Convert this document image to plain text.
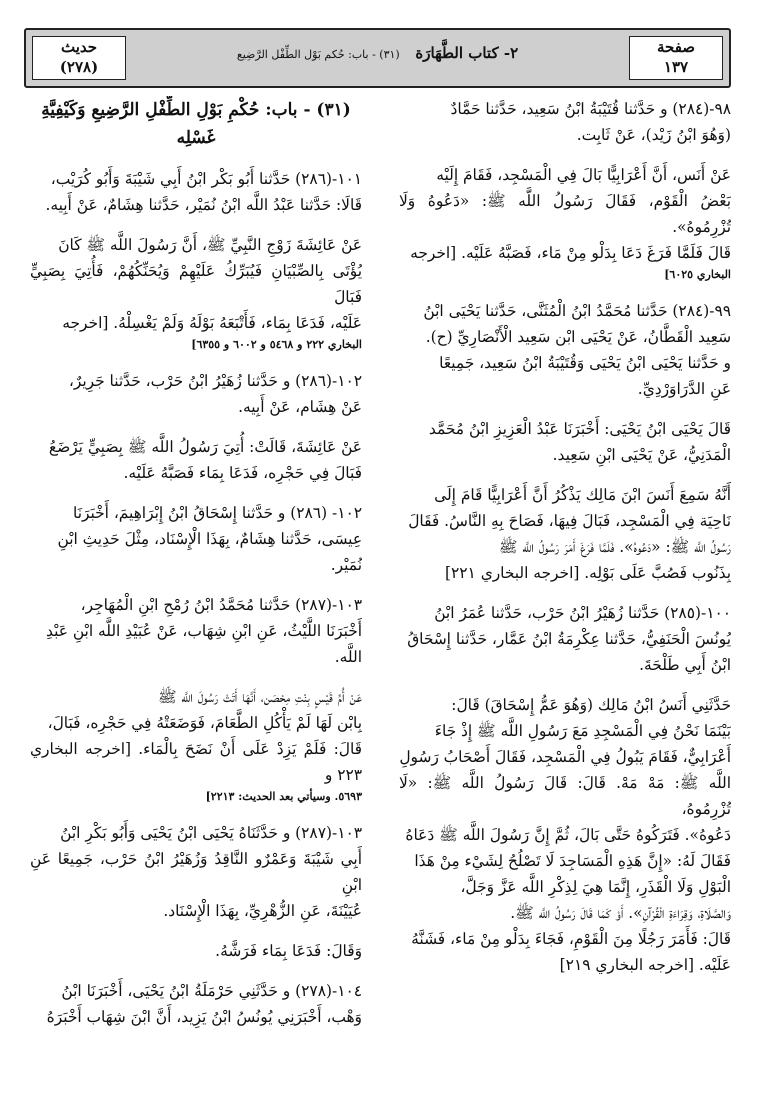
صفحة
١٣٧
٢- كتاب الطَّهَارَة   (٣١) - باب: حُكم بَوْل الطِّفْل الرَّضِيع
حديث
(٢٧٨)
٩٨-(٢٨٤) و حَدَّثنا قُتَيْبَةُ ابْنُ سَعِيد، حَدَّثنا حَمَّادٌ
(وَهُوَ ابْنُ زَيْد)، عَنْ ثَابِت.
عَنْ أَنَس، أَنَّ أَعْرَابِيًّا بَالَ فِي الْمَسْجِد، فَقَامَ إِلَيْه
بَعْضُ الْقَوْم، فَقَالَ رَسُولُ اللَّه ﷺ: «دَعُوهُ وَلَا تُزْرِمُوهُ».
قَالَ فَلَمَّا فَرَغَ دَعَا بِدَلْو مِنْ مَاء، فَصَبَّهُ عَلَيْه. [اخرجه
البخاري ٦٠٢٥]
٩٩-(٢٨٤) حَدَّثنا مُحَمَّدُ ابْنُ الْمُثَنَّى، حَدَّثنا يَحْيَى ابْنُ
سَعِيد الْقَطَّانُ، عَنْ يَحْيَى ابْن سَعِيد الْأَنْصَارِيِّ (ح).
و حَدَّثنا يَحْيَى ابْنُ يَحْيَى وَقُتَيْبَةُ ابْنُ سَعِيد، جَمِيعًا
عَنِ الدَّرَاوَرْدِيِّ.
قَالَ يَحْيَى ابْنُ يَحْيَى: أَخْبَرَنَا عَبْدُ الْعَزِيزِ ابْنُ مُحَمَّد
الْمَدَنِيُّ، عَنْ يَحْيَى ابْنِ سَعِيد.
أَنَّهُ سَمِعَ أَنَسَ ابْنَ مَالِك يَذْكُرُ أَنَّ أَعْرَابِيًّا قَامَ إِلَى
نَاحِيَة فِي الْمَسْجِد، فَبَالَ فِيهَا، فَصَاحَ بِهِ النَّاسُ. فَقَالَ
رَسُولُ اللَّه ﷺ: «دَعُوهُ». فَلَمَّا فَرَغَ أَمَرَ رَسُولُ اللَّه ﷺ
بِذَنُوب فَصُبَّ عَلَى بَوْلِه. [اخرجه البخاري ٢٢١]
١٠٠-(٢٨٥) حَدَّثنا زُهَيْرُ ابْنُ حَرْب، حَدَّثنا عُمَرُ ابْنُ
يُونُسَ الْحَنَفِيُّ، حَدَّثنا عِكْرِمَةُ ابْنُ عَمَّار، حَدَّثنا إِسْحَاقُ
ابْنُ أَبِي طَلْحَةَ.
حَدَّثَنِي أَنَسُ ابْنُ مَالِك (وَهُوَ عَمُّ إِسْحَاقَ) قَالَ:
بَيْنَمَا نَحْنُ فِي الْمَسْجِدِ مَعَ رَسُولِ اللَّه ﷺ إِذْ جَاءَ
أَعْرَابِيٌّ، فَقَامَ يَبُولُ فِي الْمَسْجِد، فَقَالَ أَصْحَابُ رَسُولِ
اللَّه ﷺ: مَهْ مَهْ. قَالَ: قَالَ رَسُولُ اللَّه ﷺ: «لَا تُزْرِمُوهُ،
دَعُوهُ». فَتَرَكُوهُ حَتَّى بَالَ، ثُمَّ إِنَّ رَسُولَ اللَّه ﷺ دَعَاهُ
فَقَالَ لَهُ: «إِنَّ هَذِهِ الْمَسَاجِدَ لَا تَصْلُحُ لِشَيْء مِنْ هَذَا
الْبَوْلِ وَلَا الْقَذَرِ، إِنَّمَا هِيَ لِذِكْرِ اللَّه عَزَّ وَجَلَّ،
وَالصَّلَاةِ، وَقِرَاءَةِ الْقُرْآنِ». أَوْ كَمَا قَالَ رَسُولُ اللَّه ﷺ.
قَالَ: فَأَمَرَ رَجُلًا مِنَ الْقَوْمِ، فَجَاءَ بِدَلْو مِنْ مَاء، فَشَنَّهُ
عَلَيْه. [اخرجه البخاري ٢١٩]
(٣١) - باب: حُكْمِ بَوْلِ الطِّفْلِ الرَّضِيعِ وَكَيْفِيَّةِ غَسْلِه
١٠١-(٢٨٦) حَدَّثنا أَبُو بَكْر ابْنُ أَبِي شَيْبَةَ وَأَبُو كُرَيْب،
قَالَا: حَدَّثنا عَبْدُ اللَّه ابْنُ نُمَيْر، حَدَّثنا هِشَامٌ، عَنْ أَبِيه.
عَنْ عَائِشَةَ زَوْجِ النَّبِيِّ ﷺ، أَنَّ رَسُولَ اللَّه ﷺ كَانَ
يُؤْتَى بِالصِّبْيَانِ فَيُبَرِّكُ عَلَيْهِمْ وَيُحَنِّكُهُمْ، فَأُتِيَ بِصَبِيٍّ فَبَالَ
عَلَيْه، فَدَعَا بِمَاء، فَأَتْبَعَهُ بَوْلَهُ وَلَمْ يَغْسِلْهُ. [اخرجه
البخاري ٢٢٢ و ٥٤٦٨ و ٦٠٠٢ و ٦٣٥٥]
١٠٢-(٢٨٦) و حَدَّثنا زُهَيْرُ ابْنُ حَرْب، حَدَّثنا جَرِيرٌ،
عَنْ هِشَام، عَنْ أَبِيه.
عَنْ عَائِشَةَ، قَالَتْ: أُتِيَ رَسُولُ اللَّه ﷺ بِصَبِيٍّ يَرْضَعُ
فَبَالَ فِي حَجْرِه، فَدَعَا بِمَاء فَصَبَّهُ عَلَيْه.
١٠٢- (٢٨٦) و حَدَّثنا إِسْحَاقُ ابْنُ إِبْرَاهِيمَ، أَخْبَرَنَا
عِيسَى، حَدَّثنا هِشَامٌ، بِهَذَا الْإِسْنَاد، مِثْلَ حَدِيثِ ابْنِ
نُمَيْر.
١٠٣-(٢٨٧) حَدَّثنا مُحَمَّدُ ابْنُ رُمْحِ ابْنِ الْمُهَاجِر،
أَخْبَرَنَا اللَّيْثُ، عَنِ ابْنِ شِهَاب، عَنْ عُبَيْدِ اللَّه ابْنِ عَبْدِ
اللَّه.
عَنْ أُمِّ قَيْسٍ بِنْتِ مِحْصَن، أَنَّهَا أَتَتْ رَسُولَ اللَّه ﷺ
بِابْن لَهَا لَمْ يَأْكُلِ الطَّعَامَ، فَوَضَعَتْهُ فِي حَجْرِه، فَبَالَ،
قَالَ: فَلَمْ يَزِدْ عَلَى أَنْ نَضَحَ بِالْمَاء. [اخرجه البخاري ٢٢٣ و
٥٦٩٣. وسيأتي بعد الحديث: ٢٢١٣]
١٠٣-(٢٨٧) و حَدَّثَنَاهُ يَحْيَى ابْنُ يَحْيَى وَأَبُو بَكْرِ ابْنُ
أَبِي شَيْبَةَ وَعَمْرٌو النَّاقِدُ وَزُهَيْرُ ابْنُ حَرْب، جَمِيعًا عَنِ ابْنِ
عُيَيْنَةَ، عَنِ الزُّهْرِيِّ، بِهَذَا الْإِسْنَاد.
وَقَالَ: فَدَعَا بِمَاء فَرَشَّهُ.
١٠٤-(٢٧٨) و حَدَّثَنِي حَرْمَلَةُ ابْنُ يَحْيَى، أَخْبَرَنَا ابْنُ
وَهْب، أَخْبَرَنِي يُونُسُ ابْنُ يَزِيد، أَنَّ ابْنَ شِهَاب أَخْبَرَهُ
